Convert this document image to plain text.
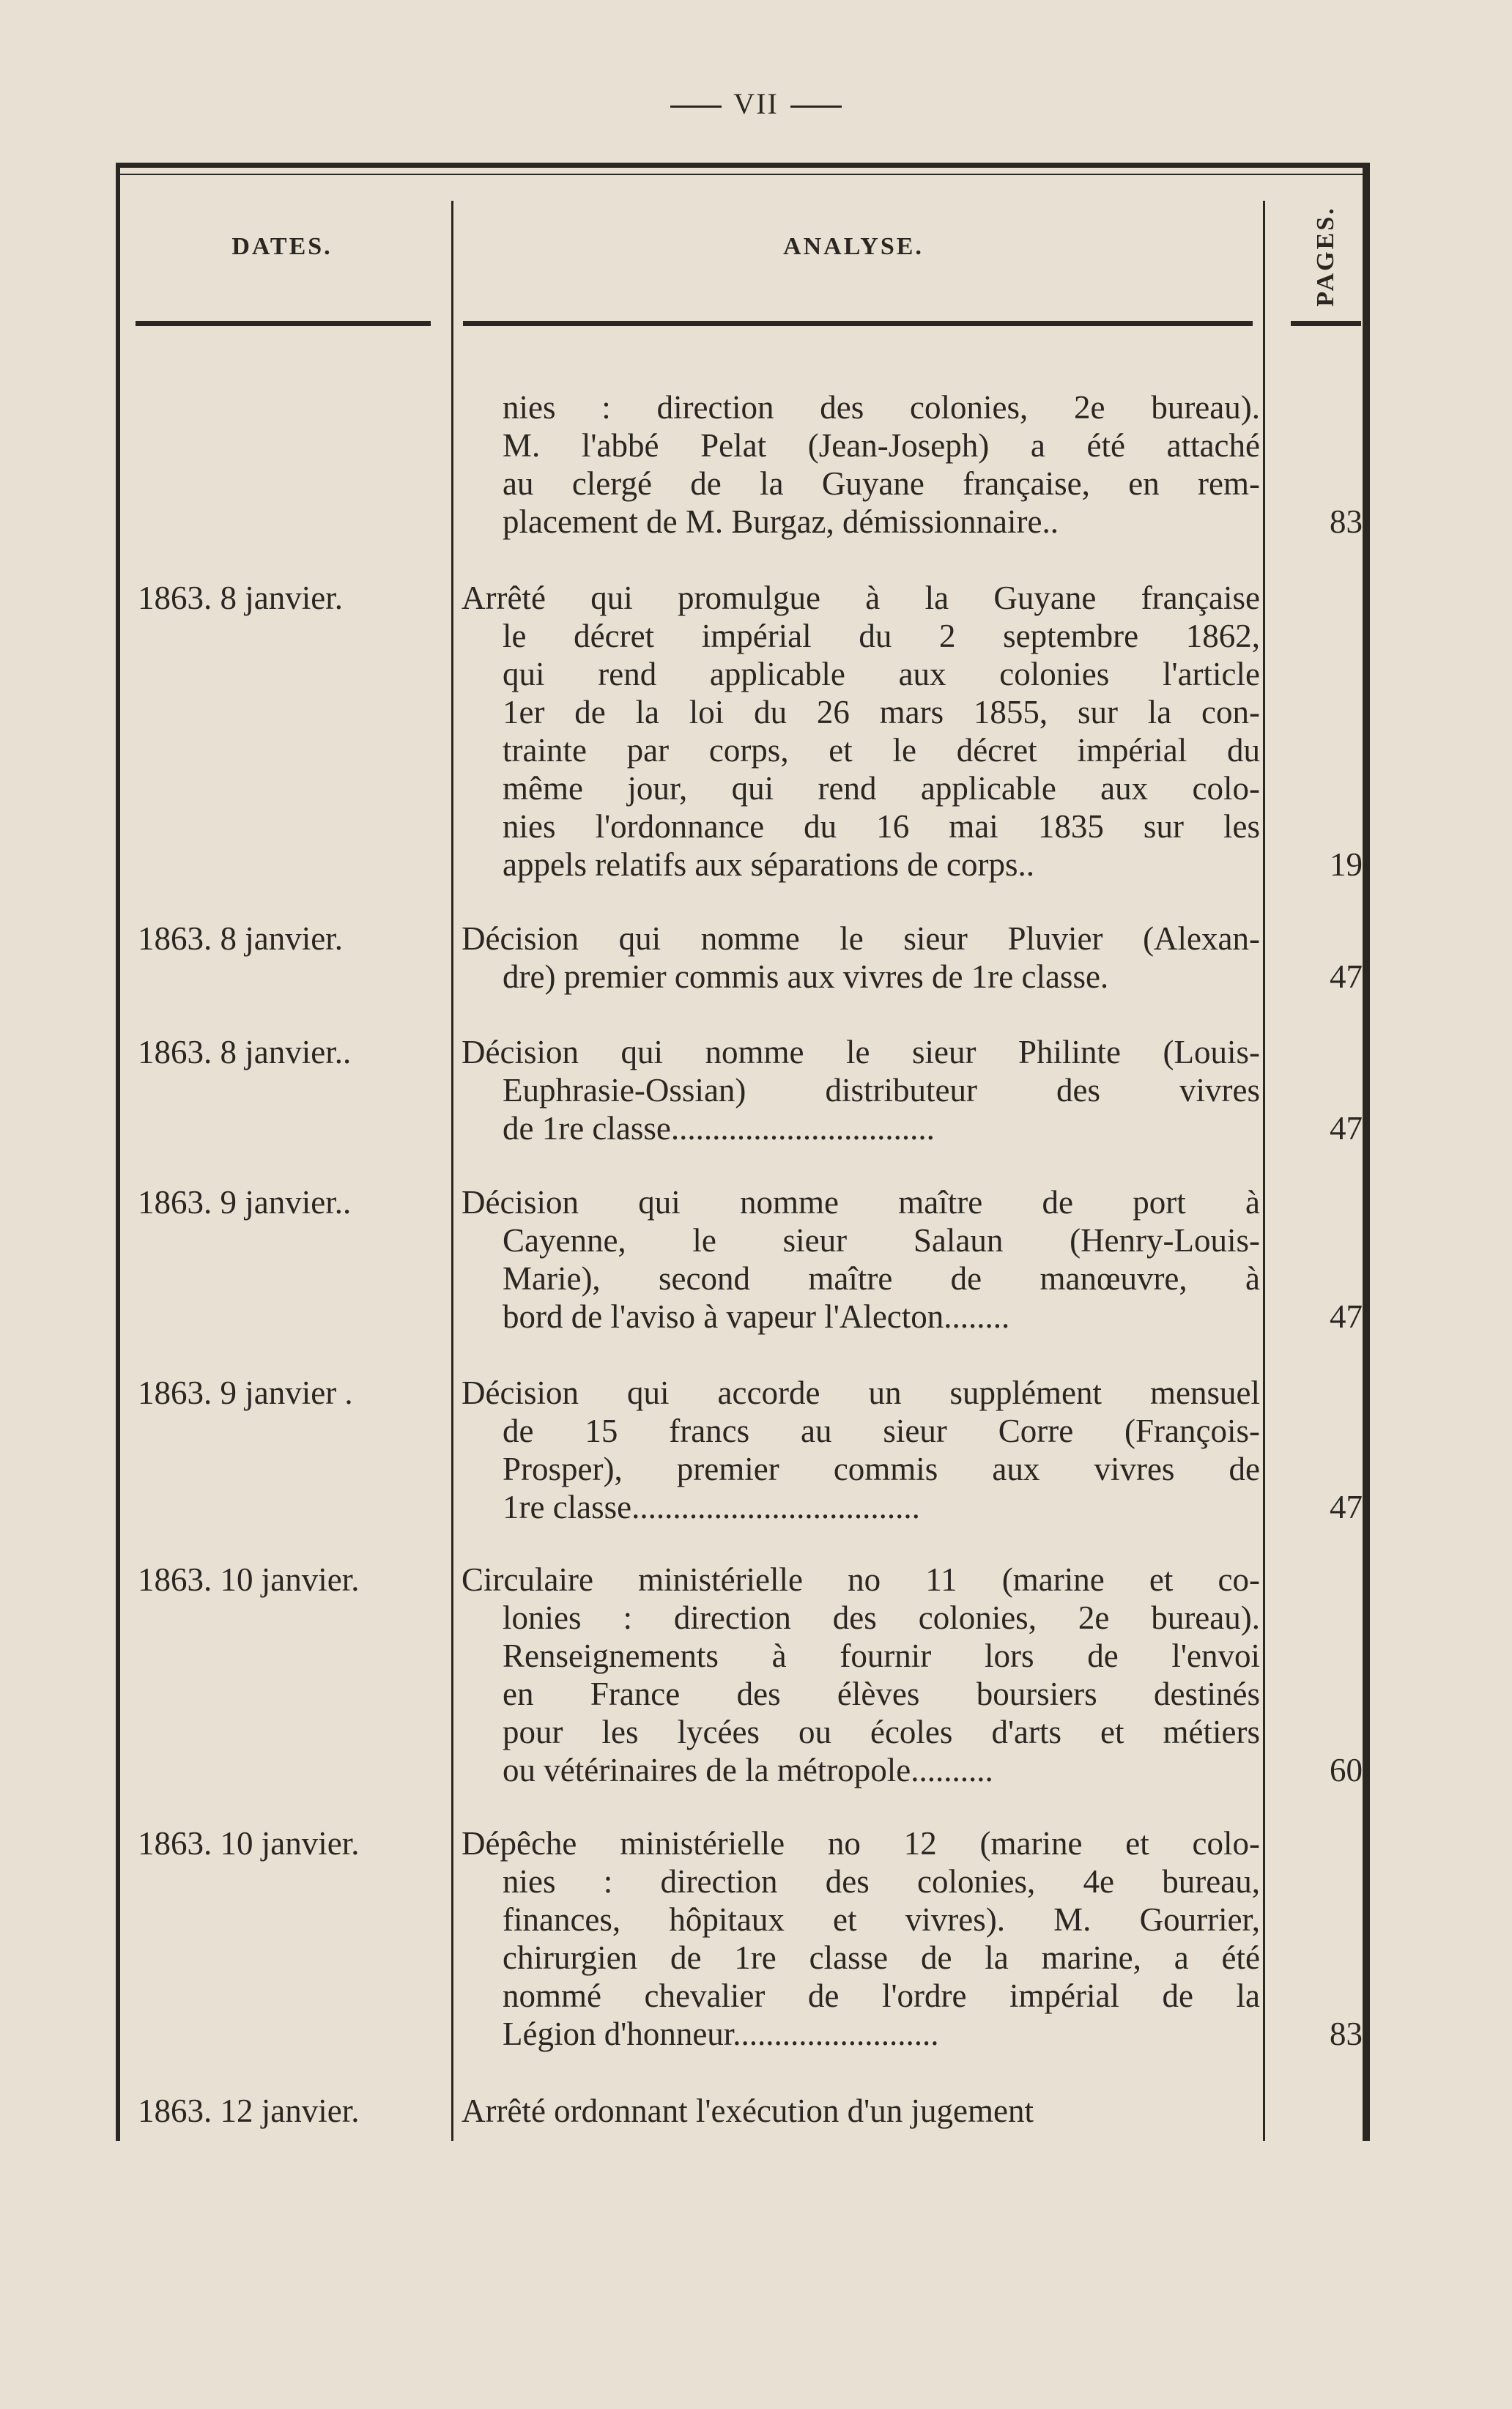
VII
DATES.	ANALYSE.	PAGES.
nies : direction des colonies, 2e bureau).
M. l'abbé Pelat (Jean-Joseph) a été attaché
au clergé de la Guyane française, en rem-
placement de M. Burgaz, démissionnaire..	83
1863. 8 janvier.	Arrêté qui promulgue à la Guyane française
le décret impérial du 2 septembre 1862,
qui rend applicable aux colonies l'article
1er de la loi du 26 mars 1855, sur la con-
trainte par corps, et le décret impérial du
même jour, qui rend applicable aux colo-
nies l'ordonnance du 16 mai 1835 sur les
appels relatifs aux séparations de corps..	19
1863. 8 janvier.	Décision qui nomme le sieur Pluvier (Alexan-
dre) premier commis aux vivres de 1re classe.	47
1863. 8 janvier..	Décision qui nomme le sieur Philinte (Louis-
Euphrasie-Ossian) distributeur des vivres
de 1re classe................................	47
1863. 9 janvier..	Décision qui nomme maître de port à
Cayenne, le sieur Salaun (Henry-Louis-
Marie), second maître de manœuvre, à
bord de l'aviso à vapeur l'Alecton........	47
1863. 9 janvier .	Décision qui accorde un supplément mensuel
de 15 francs au sieur Corre (François-
Prosper), premier commis aux vivres de
1re classe...................................	47
1863. 10 janvier.	Circulaire ministérielle no 11 (marine et co-
lonies : direction des colonies, 2e bureau).
Renseignements à fournir lors de l'envoi
en France des élèves boursiers destinés
pour les lycées ou écoles d'arts et métiers
ou vétérinaires de la métropole..........	60
1863. 10 janvier.	Dépêche ministérielle no 12 (marine et colo-
nies : direction des colonies, 4e bureau,
finances, hôpitaux et vivres). M. Gourrier,
chirurgien de 1re classe de la marine, a été
nommé chevalier de l'ordre impérial de la
Légion d'honneur.........................	83
1863. 12 janvier.	Arrêté ordonnant l'exécution d'un jugement
